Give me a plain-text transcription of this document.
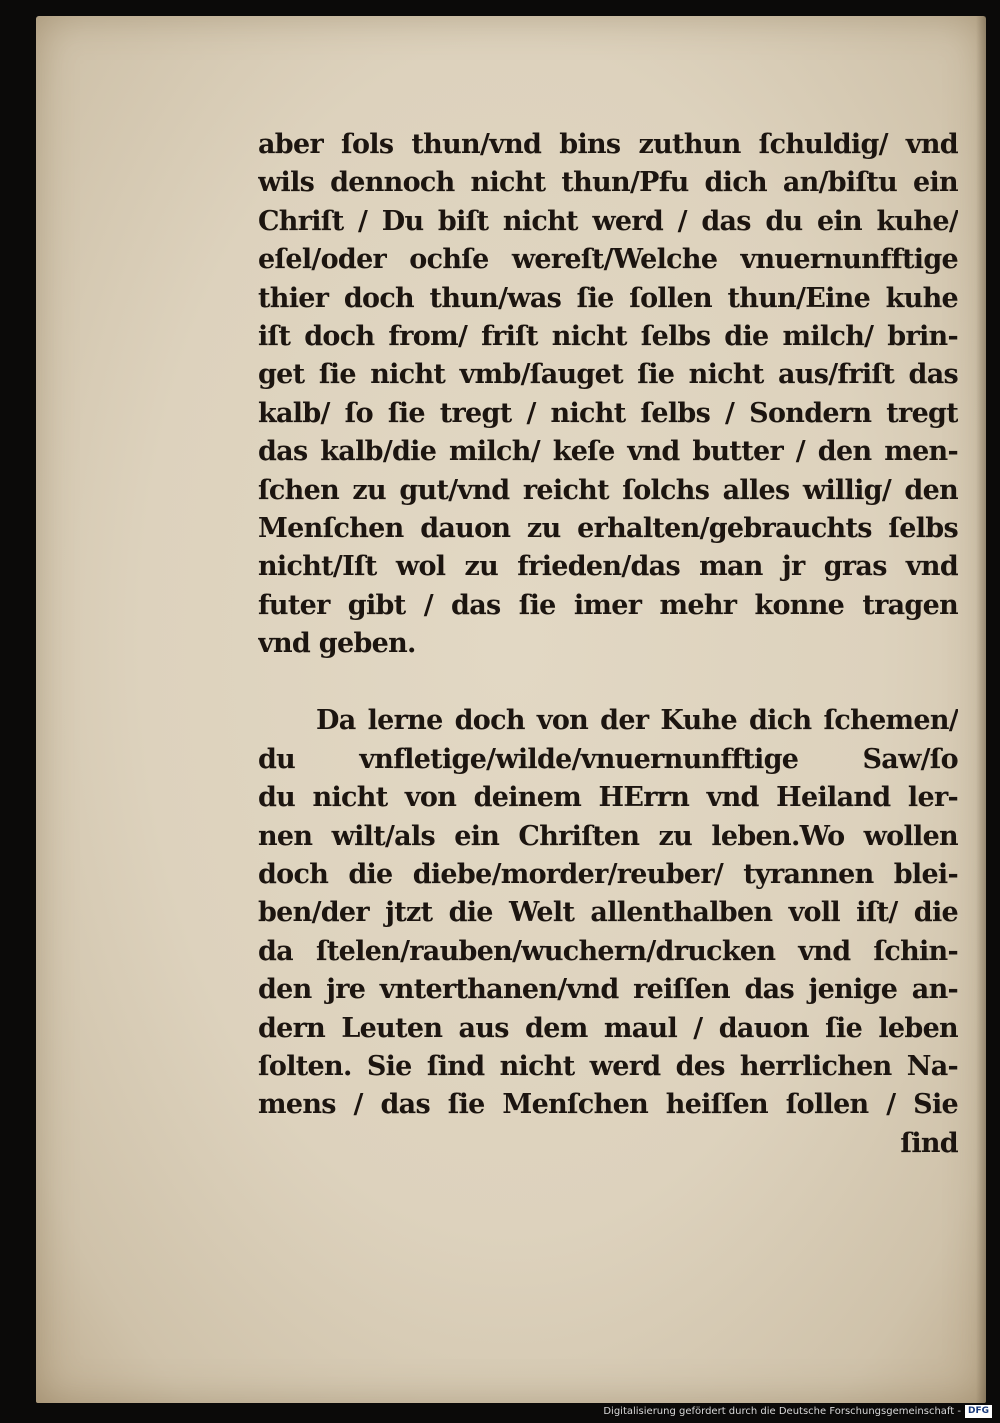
aber ſols thun/vnd bins zuthun ſchuldig/ vnd
wils dennoch nicht thun/Pfu dich an/biſtu ein
Chriſt / Du biſt nicht werd / das du ein kuhe/
eſel/oder ochſe wereſt/Welche vnuernunfftige
thier doch thun/was ſie ſollen thun/Eine kuhe
iſt doch from/ friſt nicht ſelbs die milch/ brin-
get ſie nicht vmb/ſauget ſie nicht aus/friſt das
kalb/ ſo ſie tregt / nicht ſelbs / Sondern tregt
das kalb/die milch/ keſe vnd butter / den men-
ſchen zu gut/vnd reicht ſolchs alles willig/ den
Menſchen dauon zu erhalten/gebrauchts ſelbs
nicht/Iſt wol zu frieden/das man jr gras vnd
futer gibt / das ſie imer mehr konne tragen
vnd geben.
Da lerne doch von der Kuhe dich ſchemen/
du vnfletige/wilde/vnuernunfftige Saw/ſo
du nicht von deinem HErrn vnd Heiland ler-
nen wilt/als ein Chriſten zu leben.Wo wollen
doch die diebe/morder/reuber/ tyrannen blei-
ben/der jtzt die Welt allenthalben voll iſt/ die
da ſtelen/rauben/wuchern/drucken vnd ſchin-
den jre vnterthanen/vnd reiſſen das jenige an-
dern Leuten aus dem maul / dauon ſie leben
ſolten. Sie ſind nicht werd des herrlichen Na-
mens / das ſie Menſchen heiſſen ſollen / Sie
ſind
Digitalisierung gefördert durch die Deutsche Forschungsgemeinschaft - DFG
